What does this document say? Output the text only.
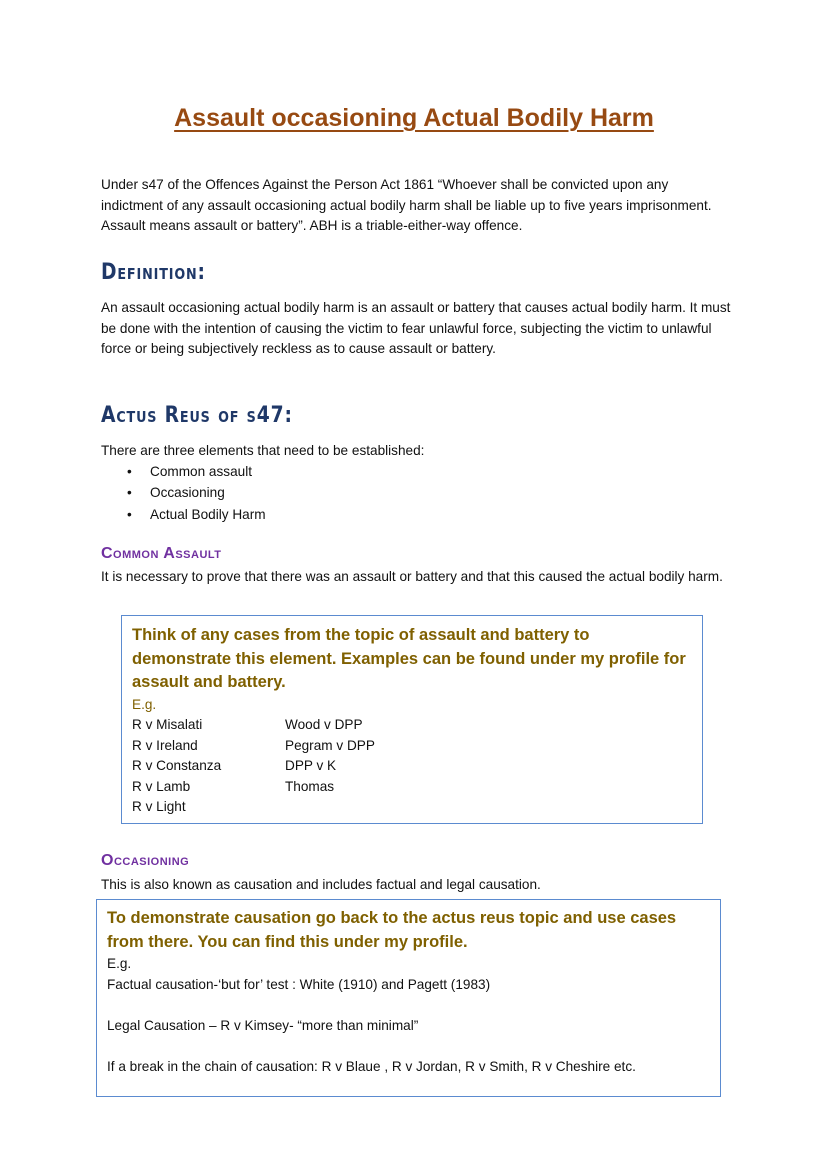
Assault occasioning Actual Bodily Harm
Under s47 of the Offences Against the Person Act 1861 “Whoever shall be convicted upon any indictment of any assault occasioning actual bodily harm shall be liable up to five years imprisonment. Assault means assault or battery”. ABH is a triable-either-way offence.
Definition:
An assault occasioning actual bodily harm is an assault or battery that causes actual bodily harm. It must be done with the intention of causing the victim to fear unlawful force, subjecting the victim to unlawful force or being subjectively reckless as to cause assault or battery.
Actus Reus of s47:
There are three elements that need to be established:
• Common assault
• Occasioning
• Actual Bodily Harm
Common Assault
It is necessary to prove that there was an assault or battery and that this caused the actual bodily harm.
Think of any cases from the topic of assault and battery to demonstrate this element. Examples can be found under my profile for assault and battery.
E.g.
R v Misalati	Wood v DPP
R v Ireland	Pegram v DPP
R v Constanza	DPP v K
R v Lamb	Thomas
R v Light
Occasioning
This is also known as causation and includes factual and legal causation.
To demonstrate causation go back to the actus reus topic and use cases from there. You can find this under my profile.
E.g.
Factual causation-‘but for’ test : White (1910) and Pagett (1983)
Legal Causation – R v Kimsey- “more than minimal”
If a break in the chain of causation: R v Blaue , R v Jordan, R v Smith, R v Cheshire etc.
